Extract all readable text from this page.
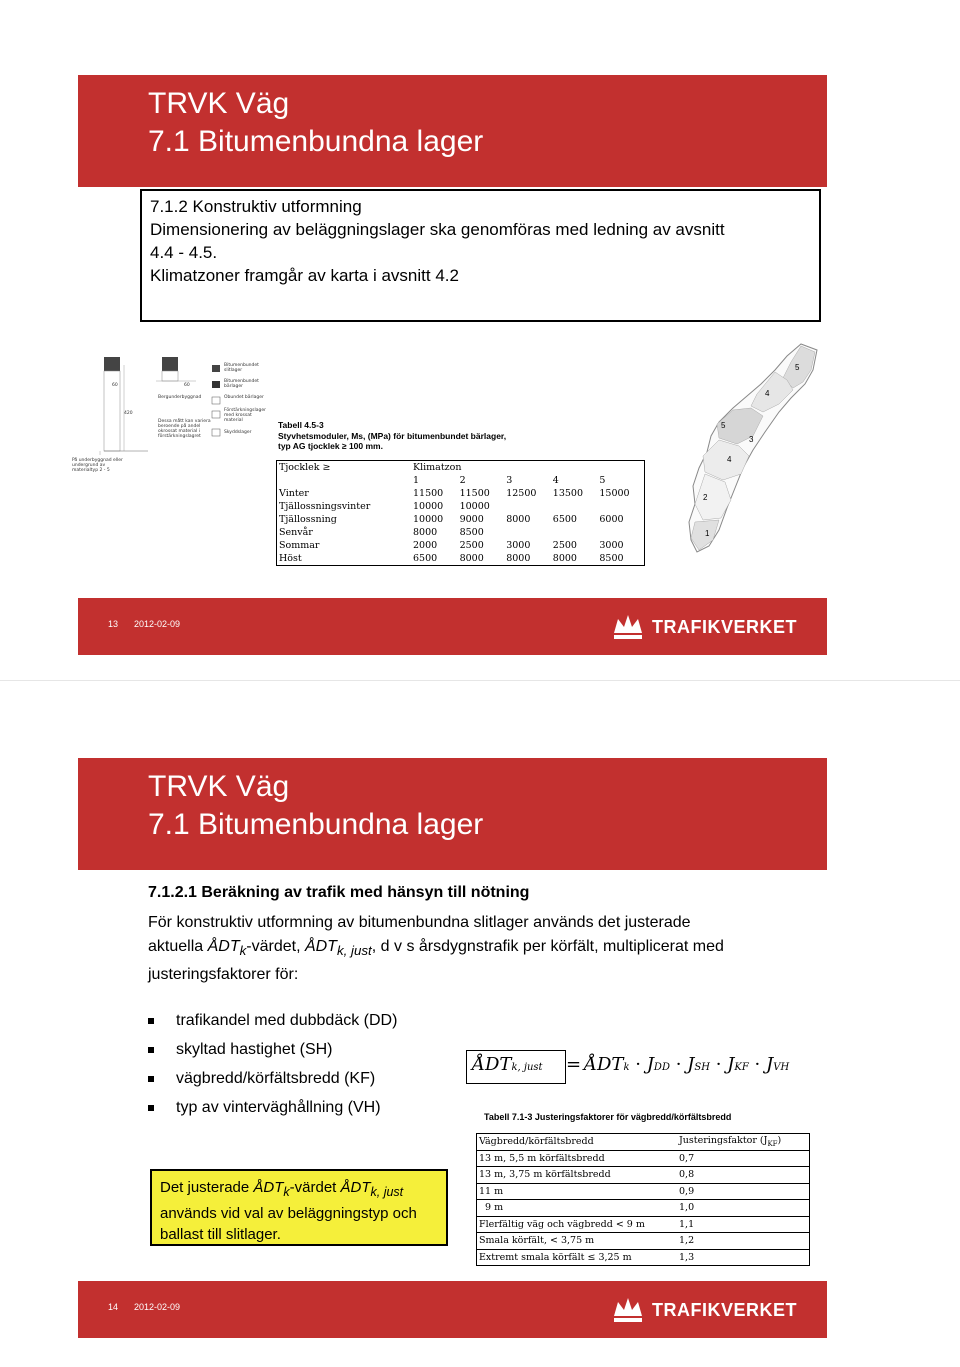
TRVK Väg
7.1 Bitumenbundna lager

7.1.2 Konstruktiv utformning

Dimensionering av beläggningslager ska genomföras med ledning av avsnitt

4.4 - 4.5.

Klimatzoner framgår av karta i avsnitt 4.2

60	60
420
Bergunderbyggnad
Dessa mått kan variera beroende på andel okrossat material i förstärkningslagret
På underbyggnad eller undergrund av materialtyp 2 - 5
Bitumenbundet slitlager
Bitumenbundet bärlager
Obundet bärlager
Förstärkningslager med krossat material
Skyddslager
Tabell 4.5-3
Styvhetsmoduler, Ms, (MPa) för bitumenbundet bärlager,
typ AG tjocklek ≥ 100 mm.
Tjocklek ≥	Klimatzon				
	1	2	3	4	5
Vinter	11500	11500	12500	13500	15000
Tjällossningsvinter	10000	10000			
Tjällossning	10000	9000	8000	6500	6000
Senvår	8000	8500			
Sommar	2000	2500	3000	2500	3000
Höst	6500	8000	8000	8000	8500
5
4
5
3
4
2
1
13 2012-02-09	TRAFIKVERKET
TRVK Väg
7.1 Bitumenbundna lager
7.1.2.1 Beräkning av trafik med hänsyn till nötning

För konstruktiv utformning av bitumenbundna slitlager används det justerade

aktuella $ÅDT_k$-värdet, $ÅDT_{k, just}$, d v s årsdygnstrafik per körfält, multiplicerat med

justeringsfaktorer för:

trafikandel med dubbdäck (DD)
skyltad hastighet (SH)
vägbredd/körfältsbredd (KF)
typ av vinterväghållning (VH)
ÅDTk, just = ÅDTk · JDD · JSH · JKF · JVH
Tabell 7.1-3 Justeringsfaktorer för vägbredd/körfältsbredd
Vägbredd/körfältsbredd	Justeringsfaktor $(J_{KF})$
13 m, 5,5 m körfältsbredd	0,7
13 m, 3,75 m körfältsbredd	0,8
11 m	0,9
9 m	1,0
Flerfältig väg och vägbredd < 9 m	1,1
Smala körfält, < 3,75 m	1,2
Extremt smala körfält ≤ 3,25 m	1,3

Det justerade $ÅDT_k$-värdet $ÅDT_{k, just}$

används vid val av beläggningstyp och

ballast till slitlager.

14 2012-02-09	TRAFIKVERKET
